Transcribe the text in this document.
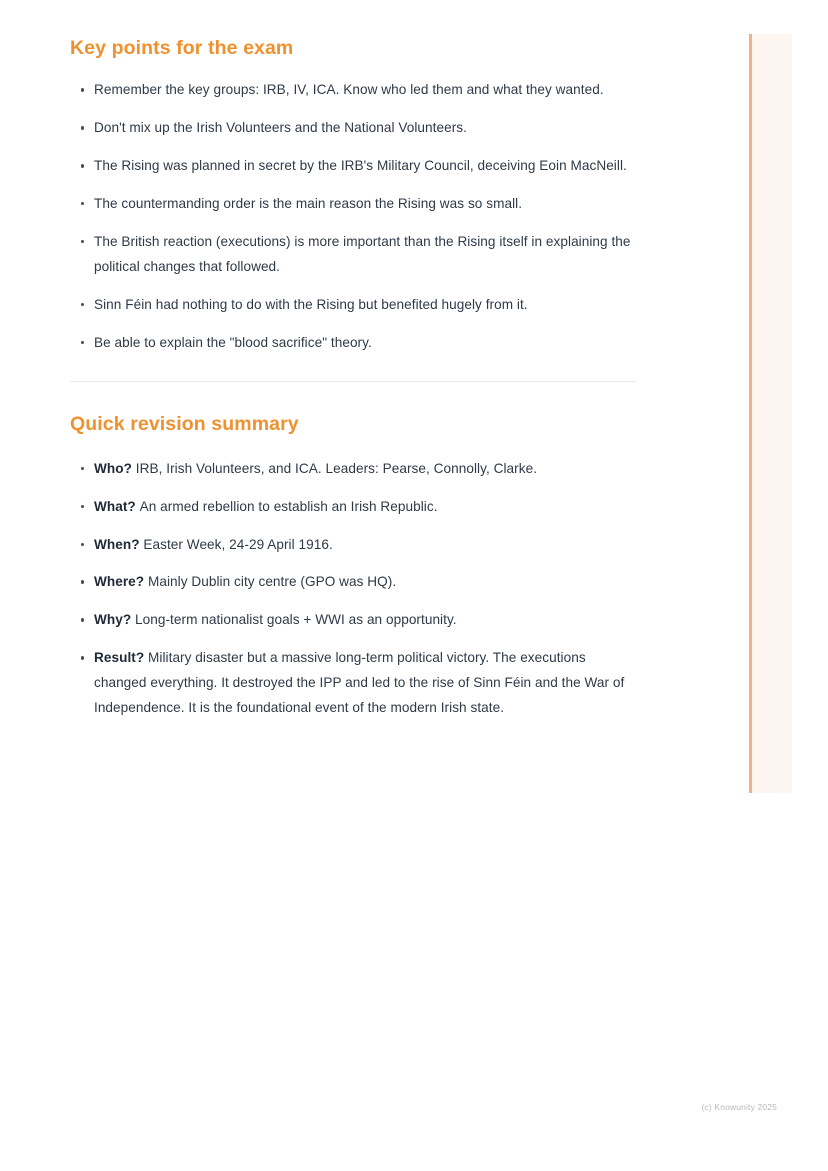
Key points for the exam
Remember the key groups: IRB, IV, ICA. Know who led them and what they wanted.
Don't mix up the Irish Volunteers and the National Volunteers.
The Rising was planned in secret by the IRB's Military Council, deceiving Eoin MacNeill.
The countermanding order is the main reason the Rising was so small.
The British reaction (executions) is more important than the Rising itself in explaining the political changes that followed.
Sinn Féin had nothing to do with the Rising but benefited hugely from it.
Be able to explain the "blood sacrifice" theory.
Quick revision summary
Who? IRB, Irish Volunteers, and ICA. Leaders: Pearse, Connolly, Clarke.
What? An armed rebellion to establish an Irish Republic.
When? Easter Week, 24-29 April 1916.
Where? Mainly Dublin city centre (GPO was HQ).
Why? Long-term nationalist goals + WWI as an opportunity.
Result? Military disaster but a massive long-term political victory. The executions changed everything. It destroyed the IPP and led to the rise of Sinn Féin and the War of Independence. It is the foundational event of the modern Irish state.
(c) Knowunity 2025
